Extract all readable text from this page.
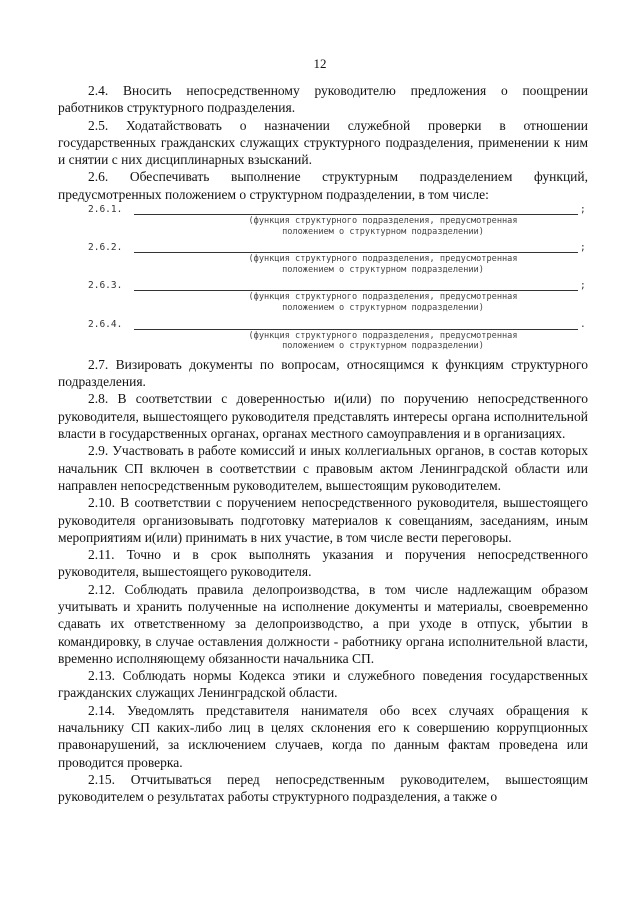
12

2.4. Вносить непосредственному руководителю предложения о поощрении работников структурного подразделения.

2.5. Ходатайствовать о назначении служебной проверки в отношении государственных гражданских служащих структурного подразделения, применении к ним и снятии с них дисциплинарных взысканий.

2.6. Обеспечивать выполнение структурным подразделением функций, предусмотренных положением о структурном подразделении, в том числе:

2.6.1.	;
(функция структурного подразделения, предусмотренная
положением о структурном подразделении)
2.6.2.	;
(функция структурного подразделения, предусмотренная
положением о структурном подразделении)
2.6.3.	;
(функция структурного подразделения, предусмотренная
положением о структурном подразделении)
2.6.4.	.
(функция структурного подразделения, предусмотренная
положением о структурном подразделении)

2.7. Визировать документы по вопросам, относящимся к функциям структурного подразделения.

2.8. В соответствии с доверенностью и(или) по поручению непосредственного руководителя, вышестоящего руководителя представлять интересы органа исполнительной власти в государственных органах, органах местного самоуправления и в организациях.

2.9. Участвовать в работе комиссий и иных коллегиальных органов, в состав которых начальник СП включен в соответствии с правовым актом Ленинградской области или направлен непосредственным руководителем, вышестоящим руководителем.

2.10. В соответствии с поручением непосредственного руководителя, вышестоящего руководителя организовывать подготовку материалов к совещаниям, заседаниям, иным мероприятиям и(или) принимать в них участие, в том числе вести переговоры.

2.11. Точно и в срок выполнять указания и поручения непосредственного руководителя, вышестоящего руководителя.

2.12. Соблюдать правила делопроизводства, в том числе надлежащим образом учитывать и хранить полученные на исполнение документы и материалы, своевременно сдавать их ответственному за делопроизводство, а при уходе в отпуск, убытии в командировку, в случае оставления должности - работнику органа исполнительной власти, временно исполняющему обязанности начальника СП.

2.13. Соблюдать нормы Кодекса этики и служебного поведения государственных гражданских служащих Ленинградской области.

2.14. Уведомлять представителя нанимателя обо всех случаях обращения к начальнику СП каких-либо лиц в целях склонения его к совершению коррупционных правонарушений, за исключением случаев, когда по данным фактам проведена или проводится проверка.

2.15. Отчитываться перед непосредственным руководителем, вышестоящим руководителем о результатах работы структурного подразделения, а также о
